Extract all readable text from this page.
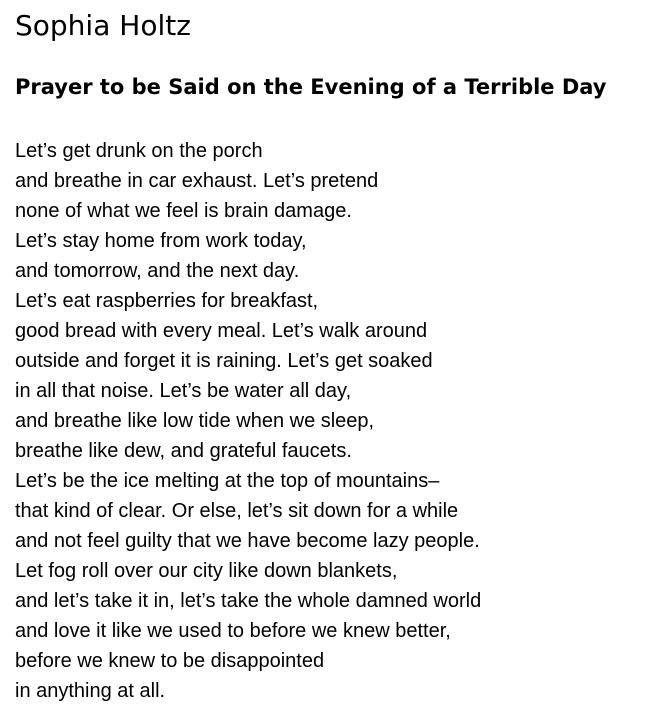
Sophia Holtz
Prayer to be Said on the Evening of a Terrible Day
Let’s get drunk on the porch
and breathe in car exhaust. Let’s pretend
none of what we feel is brain damage.
Let’s stay home from work today,
and tomorrow, and the next day.
Let’s eat raspberries for breakfast,
good bread with every meal. Let’s walk around
outside and forget it is raining. Let’s get soaked
in all that noise. Let’s be water all day,
and breathe like low tide when we sleep,
breathe like dew, and grateful faucets.
Let’s be the ice melting at the top of mountains–
that kind of clear. Or else, let’s sit down for a while
and not feel guilty that we have become lazy people.
Let fog roll over our city like down blankets,
and let’s take it in, let’s take the whole damned world
and love it like we used to before we knew better,
before we knew to be disappointed
in anything at all.
